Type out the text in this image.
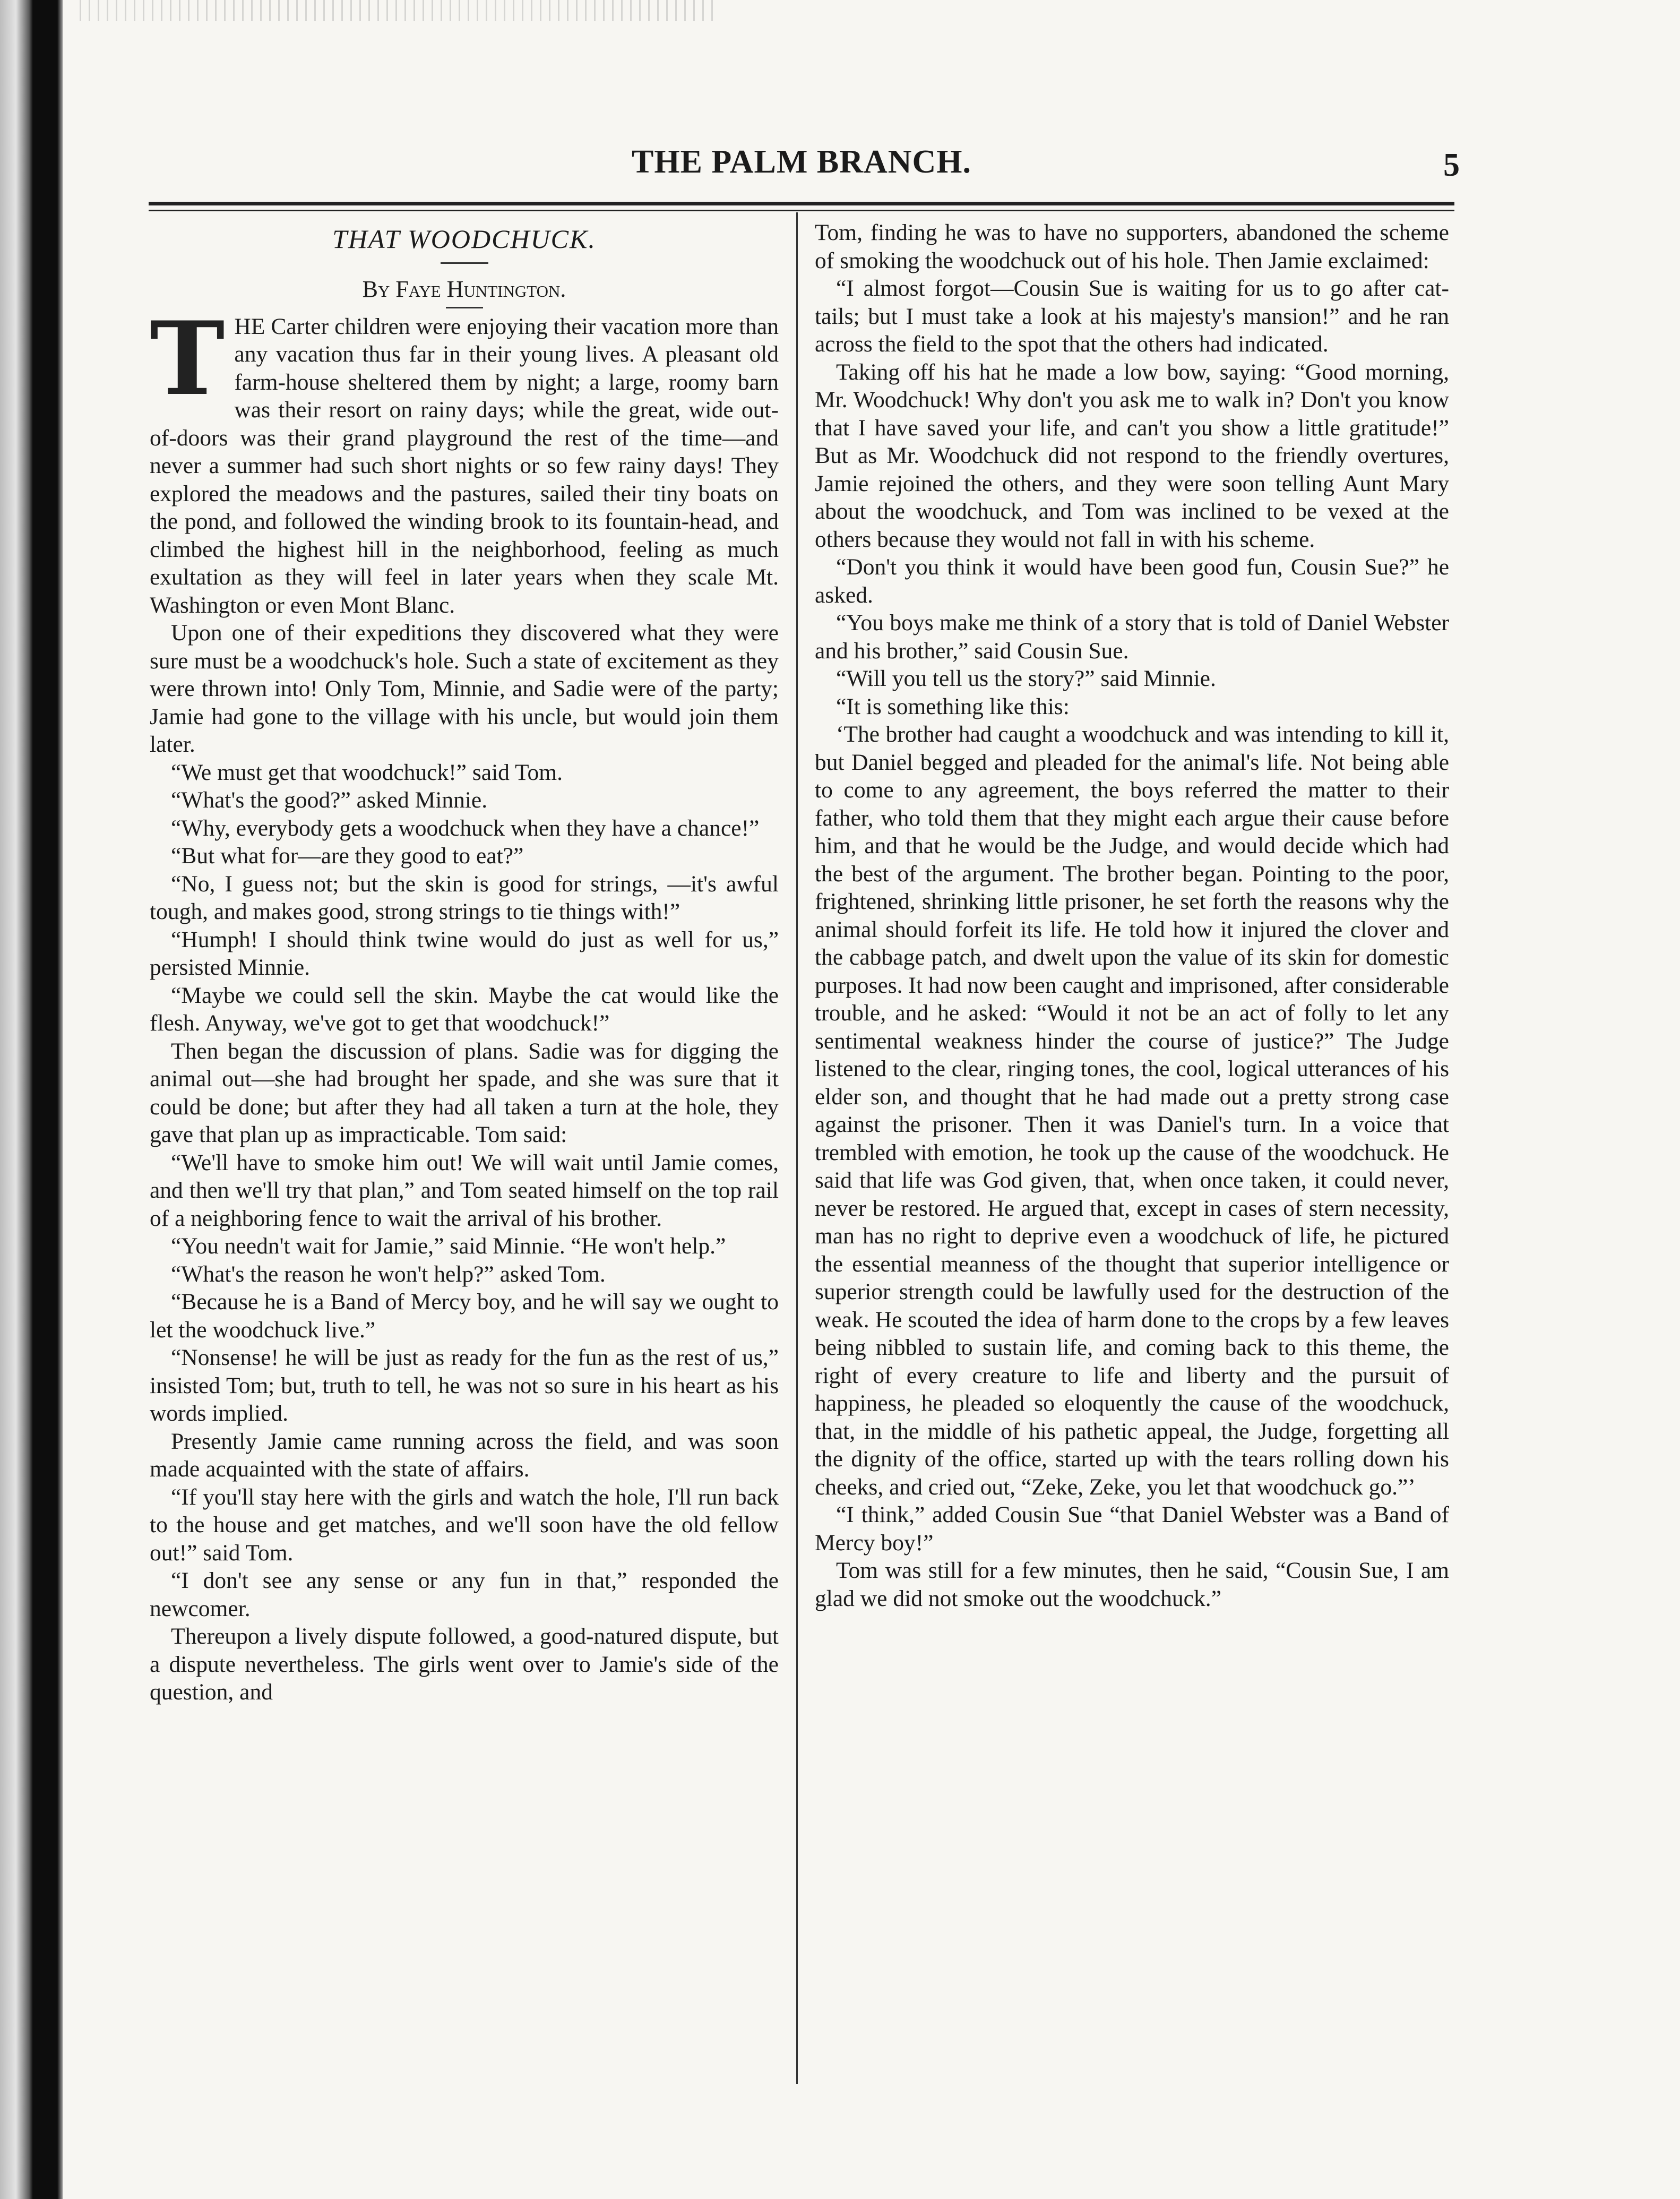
THE PALM BRANCH.	5
THAT WOODCHUCK.
By Faye Huntington.

THE Carter children were enjoying their vacation more than any vacation thus far in their young lives. A pleasant old farm-house sheltered them by night; a large, roomy barn was their resort on rainy days; while the great, wide out-of-doors was their grand playground the rest of the time—and never a summer had such short nights or so few rainy days! They explored the meadows and the pastures, sailed their tiny boats on the pond, and followed the winding brook to its fountain-head, and climbed the highest hill in the neighborhood, feeling as much exultation as they will feel in later years when they scale Mt. Washington or even Mont Blanc.

Upon one of their expeditions they discovered what they were sure must be a woodchuck's hole. Such a state of excitement as they were thrown into! Only Tom, Minnie, and Sadie were of the party; Jamie had gone to the village with his uncle, but would join them later.

“We must get that woodchuck!” said Tom.

“What's the good?” asked Minnie.

“Why, everybody gets a woodchuck when they have a chance!”

“But what for—are they good to eat?”

“No, I guess not; but the skin is good for strings, —it's awful tough, and makes good, strong strings to tie things with!”

“Humph! I should think twine would do just as well for us,” persisted Minnie.

“Maybe we could sell the skin. Maybe the cat would like the flesh. Anyway, we've got to get that woodchuck!”

Then began the discussion of plans. Sadie was for digging the animal out—she had brought her spade, and she was sure that it could be done; but after they had all taken a turn at the hole, they gave that plan up as impracticable. Tom said:

“We'll have to smoke him out! We will wait until Jamie comes, and then we'll try that plan,” and Tom seated himself on the top rail of a neighboring fence to wait the arrival of his brother.

“You needn't wait for Jamie,” said Minnie. “He won't help.”

“What's the reason he won't help?” asked Tom.

“Because he is a Band of Mercy boy, and he will say we ought to let the woodchuck live.”

“Nonsense! he will be just as ready for the fun as the rest of us,” insisted Tom; but, truth to tell, he was not so sure in his heart as his words implied.

Presently Jamie came running across the field, and was soon made acquainted with the state of affairs.

“If you'll stay here with the girls and watch the hole, I'll run back to the house and get matches, and we'll soon have the old fellow out!” said Tom.

“I don't see any sense or any fun in that,” responded the newcomer.

Thereupon a lively dispute followed, a good-natured dispute, but a dispute nevertheless. The girls went over to Jamie's side of the question, and

Tom, finding he was to have no supporters, abandoned the scheme of smoking the woodchuck out of his hole. Then Jamie exclaimed:

“I almost forgot—Cousin Sue is waiting for us to go after cat-tails; but I must take a look at his majesty's mansion!” and he ran across the field to the spot that the others had indicated.

Taking off his hat he made a low bow, saying: “Good morning, Mr. Woodchuck! Why don't you ask me to walk in? Don't you know that I have saved your life, and can't you show a little gratitude!” But as Mr. Woodchuck did not respond to the friendly overtures, Jamie rejoined the others, and they were soon telling Aunt Mary about the woodchuck, and Tom was inclined to be vexed at the others because they would not fall in with his scheme.

“Don't you think it would have been good fun, Cousin Sue?” he asked.

“You boys make me think of a story that is told of Daniel Webster and his brother,” said Cousin Sue.

“Will you tell us the story?” said Minnie.

“It is something like this:

‘The brother had caught a woodchuck and was intending to kill it, but Daniel begged and pleaded for the animal's life. Not being able to come to any agreement, the boys referred the matter to their father, who told them that they might each argue their cause before him, and that he would be the Judge, and would decide which had the best of the argument. The brother began. Pointing to the poor, frightened, shrinking little prisoner, he set forth the reasons why the animal should forfeit its life. He told how it injured the clover and the cabbage patch, and dwelt upon the value of its skin for domestic purposes. It had now been caught and imprisoned, after considerable trouble, and he asked: “Would it not be an act of folly to let any sentimental weakness hinder the course of justice?” The Judge listened to the clear, ringing tones, the cool, logical utterances of his elder son, and thought that he had made out a pretty strong case against the prisoner. Then it was Daniel's turn. In a voice that trembled with emotion, he took up the cause of the woodchuck. He said that life was God given, that, when once taken, it could never, never be restored. He argued that, except in cases of stern necessity, man has no right to deprive even a woodchuck of life, he pictured the essential meanness of the thought that superior intelligence or superior strength could be lawfully used for the destruction of the weak. He scouted the idea of harm done to the crops by a few leaves being nibbled to sustain life, and coming back to this theme, the right of every creature to life and liberty and the pursuit of happiness, he pleaded so eloquently the cause of the woodchuck, that, in the middle of his pathetic appeal, the Judge, forgetting all the dignity of the office, started up with the tears rolling down his cheeks, and cried out, “Zeke, Zeke, you let that woodchuck go.”’

“I think,” added Cousin Sue “that Daniel Webster was a Band of Mercy boy!”

Tom was still for a few minutes, then he said, “Cousin Sue, I am glad we did not smoke out the woodchuck.”
